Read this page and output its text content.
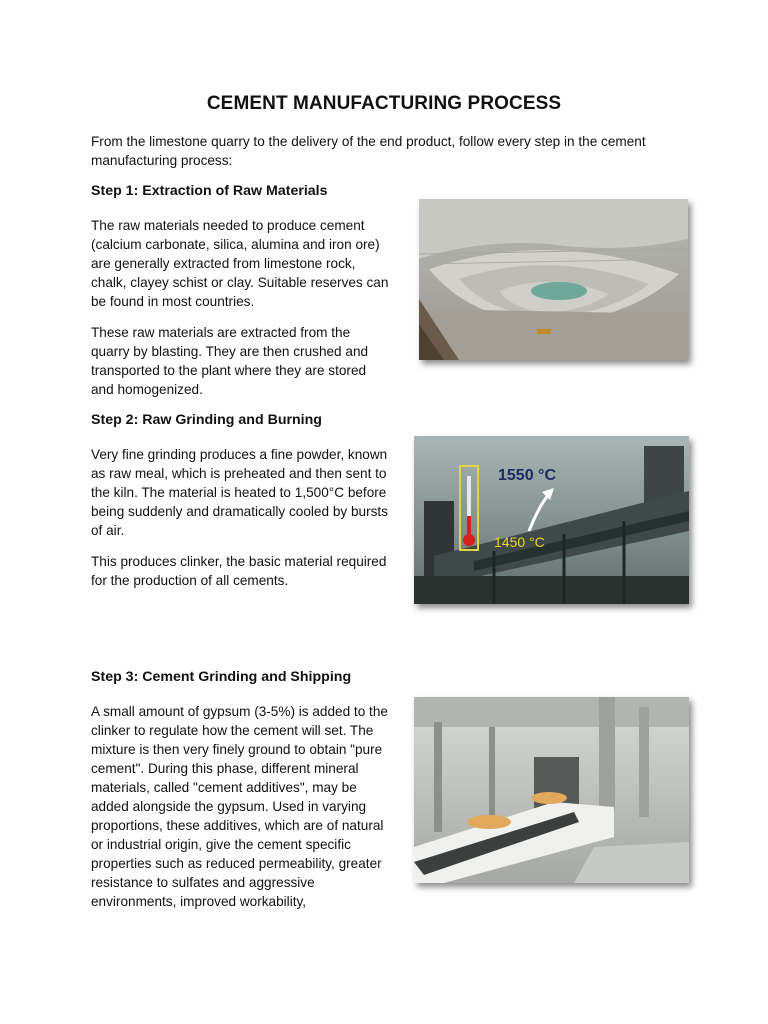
CEMENT MANUFACTURING PROCESS

From the limestone quarry to the delivery of the end product, follow every step in the cement manufacturing process:

Step 1: Extraction of Raw Materials

The raw materials needed to produce cement (calcium carbonate, silica, alumina and iron ore) are generally extracted from limestone rock, chalk, clayey schist or clay. Suitable reserves can be found in most countries.

These raw materials are extracted from the quarry by blasting. They are then crushed and transported to the plant where they are stored and homogenized.

Step 2: Raw Grinding and Burning

Very fine grinding produces a fine powder, known as raw meal, which is preheated and then sent to the kiln. The material is heated to 1,500°C before being suddenly and dramatically cooled by bursts of air.

This produces clinker, the basic material required for the production of all cements.

1550 °C
1450 °C
Step 3: Cement Grinding and Shipping

A small amount of gypsum (3-5%) is added to the clinker to regulate how the cement will set. The mixture is then very finely ground to obtain "pure cement". During this phase, different mineral materials, called "cement additives", may be added alongside the gypsum. Used in varying proportions, these additives, which are of natural or industrial origin, give the cement specific properties such as reduced permeability, greater resistance to sulfates and aggressive environments, improved workability,
